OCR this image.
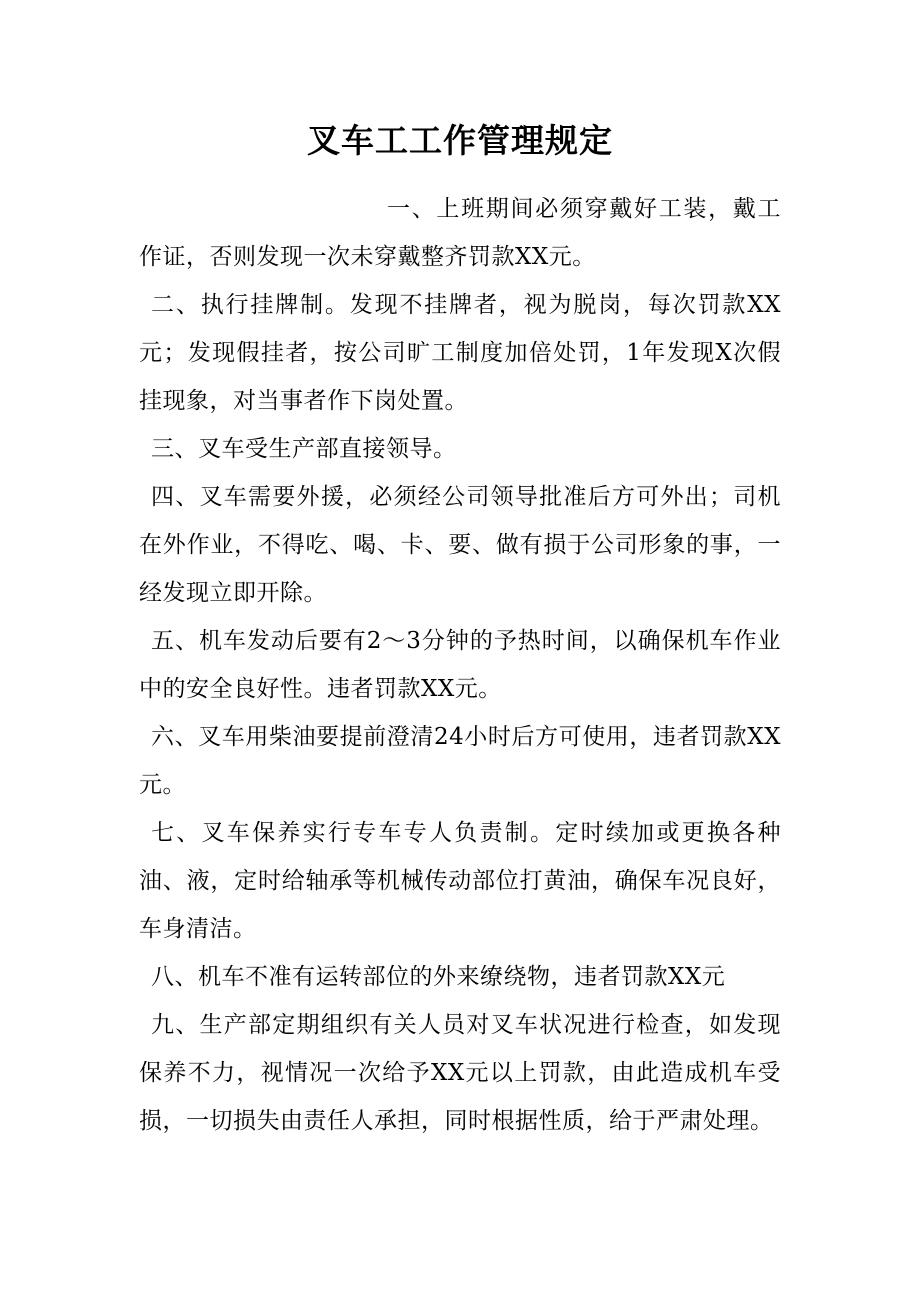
叉车工工作管理规定

一、上班期间必须穿戴好工装，戴工作证，否则发现一次未穿戴整齐罚款XX元。

二、执行挂牌制。发现不挂牌者，视为脱岗，每次罚款XX元；发现假挂者，按公司旷工制度加倍处罚，1年发现X次假挂现象，对当事者作下岗处置。

三、叉车受生产部直接领导。

四、叉车需要外援，必须经公司领导批准后方可外出；司机在外作业，不得吃、喝、卡、要、做有损于公司形象的事，一经发现立即开除。

五、机车发动后要有2～3分钟的予热时间，以确保机车作业中的安全良好性。违者罚款XX元。

六、叉车用柴油要提前澄清24小时后方可使用，违者罚款XX元。

七、叉车保养实行专车专人负责制。定时续加或更换各种油、液，定时给轴承等机械传动部位打黄油，确保车况良好，车身清洁。

八、机车不准有运转部位的外来缭绕物，违者罚款XX元

九、生产部定期组织有关人员对叉车状况进行检查，如发现保养不力，视情况一次给予XX元以上罚款，由此造成机车受损，一切损失由责任人承担，同时根据性质，给于严肃处理。
